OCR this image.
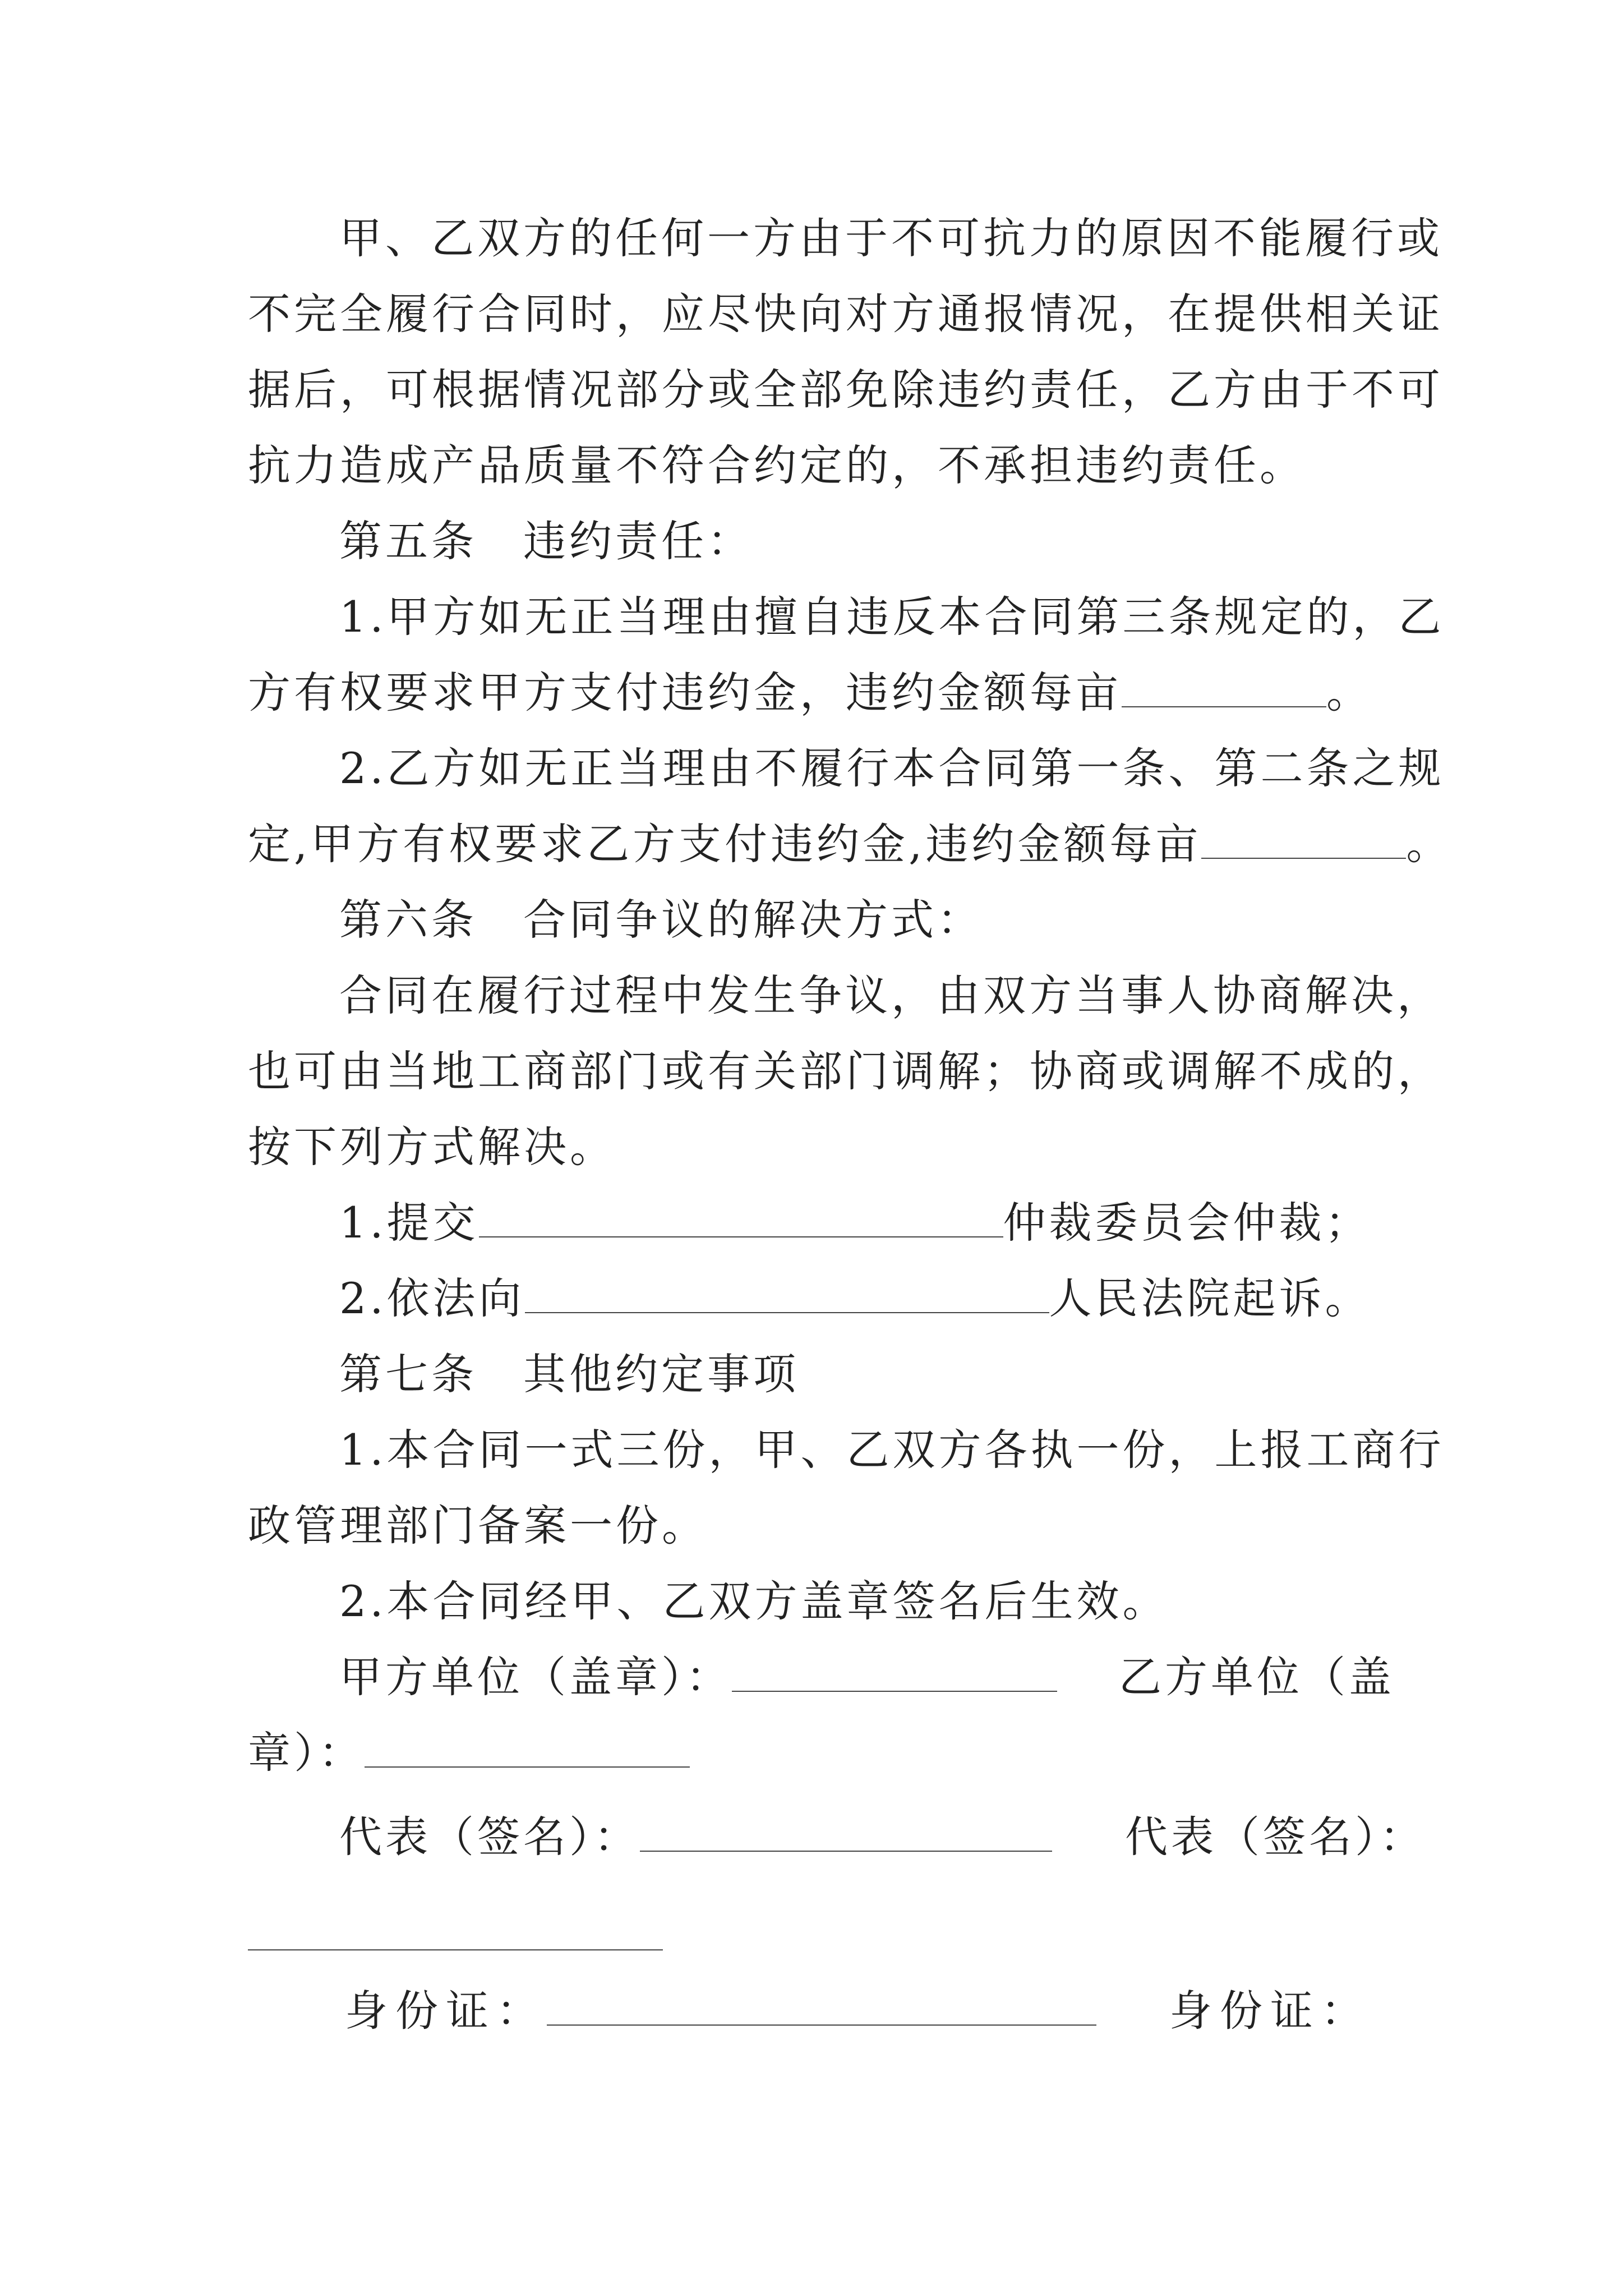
甲、乙双方的任何一方由于不可抗力的原因不能履行或
不完全履行合同时，应尽快向对方通报情况，在提供相关证
据后，可根据情况部分或全部免除违约责任，乙方由于不可
抗力造成产品质量不符合约定的，不承担违约责任。
第五条　违约责任：
1.甲方如无正当理由擅自违反本合同第三条规定的，乙
方有权要求甲方支付违约金，违约金额每亩	。
2.乙方如无正当理由不履行本合同第一条、第二条之规
定,甲方有权要求乙方支付违约金,违约金额每亩	。
第六条　合同争议的解决方式：
合同在履行过程中发生争议，由双方当事人协商解决，
也可由当地工商部门或有关部门调解；协商或调解不成的，
按下列方式解决。
1.提交	仲裁委员会仲裁；
2.依法向	人民法院起诉。
第七条　其他约定事项
1.本合同一式三份，甲、乙双方各执一份，上报工商行
政管理部门备案一份。
2.本合同经甲、乙双方盖章签名后生效。
甲方单位（盖章）：	乙方单位（盖
章）：
代表（签名）：	代表（签名）：
身份证：	身份证：
